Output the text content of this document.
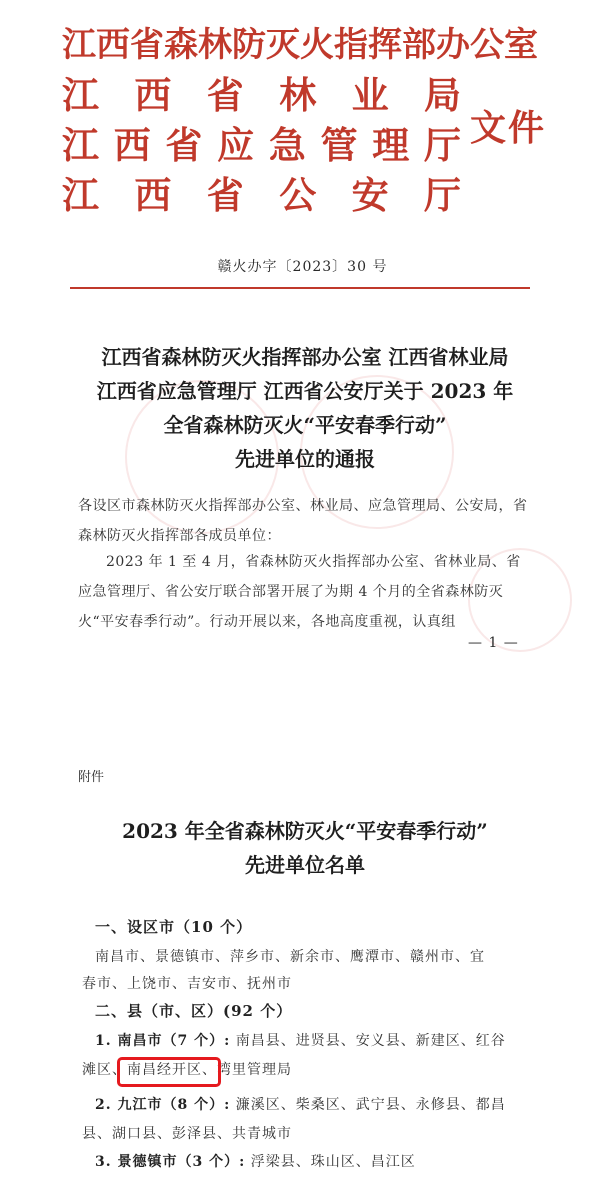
江西省森林防灭火指挥部办公室
江西省林业局
江西省应急管理厅
江西省公安厅
文件
赣火办字〔2023〕30 号
江西省森林防灭火指挥部办公室 江西省林业局
江西省应急管理厅 江西省公安厅关于 2023 年
全省森林防灭火“平安春季行动”
先进单位的通报
各设区市森林防灭火指挥部办公室、林业局、应急管理局、公安局，省森林防灭火指挥部各成员单位：
2023 年 1 至 4 月，省森林防灭火指挥部办公室、省林业局、省应急管理厅、省公安厅联合部署开展了为期 4 个月的全省森林防灭火“平安春季行动”。行动开展以来，各地高度重视，认真组
— 1 —
附件
2023 年全省森林防灭火“平安春季行动”
先进单位名单
一、设区市（10 个）
南昌市、景德镇市、萍乡市、新余市、鹰潭市、赣州市、宜
春市、上饶市、吉安市、抚州市
二、县（市、区）(92 个）
1. 南昌市（7 个）: 南昌县、进贤县、安义县、新建区、红谷
滩区、南昌经开区、湾里管理局
2. 九江市（8 个）: 濂溪区、柴桑区、武宁县、永修县、都昌
县、湖口县、彭泽县、共青城市
3. 景德镇市（3 个）: 浮梁县、珠山区、昌江区
